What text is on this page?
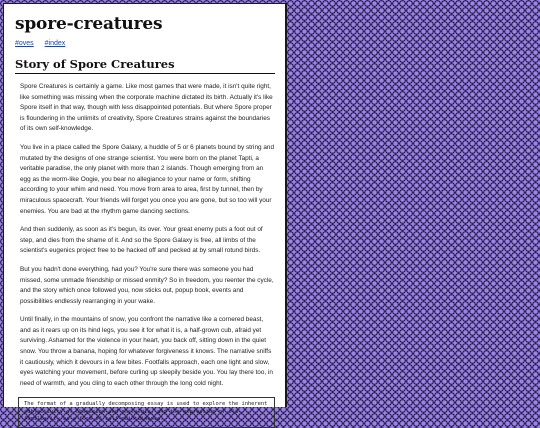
spore-creatures
#oves #index
Story of Spore Creatures

Spore Creatures is certainly a game. Like most games that were made, it isn't quite right, like something was missing when the corporate machine dictated its birth. Actually it's like Spore itself in that way, though with less disappointed potentials. But where Spore proper is floundering in the unlimits of creativity, Spore Creatures strains against the boundaries of its own self-knowledge.

You live in a place called the Spore Galaxy, a huddle of 5 or 6 planets bound by string and mutated by the designs of one strange scientist. You were born on the planet Tapti, a veritable paradise, the only planet with more than 2 islands. Though emerging from an egg as the worm-like Oogie, you bear no allegiance to your name or form, shifting according to your whim and need. You move from area to area, first by tunnel, then by miraculous spacecraft. Your friends will forget you once you are gone, but so too will your enemies. You are bad at the rhythm game dancing sections.

And then suddenly, as soon as it's begun, its over. Your great enemy puts a foot out of step, and dies from the shame of it. And so the Spore Galaxy is free, all limbs of the scientist's eugenics project free to be hacked off and pecked at by small rotund birds.

But you hadn't done everything, had you? You're sure there was someone you had missed, some unmade friendship or missed enmity? So in freedom, you reenter the cycle, and the story which once followed you, now sticks out, popup book, events and possibilities endlessly rearranging in your wake.

Until finally, in the mountains of snow, you confront the narrative like a cornered beast, and as it rears up on its hind legs, you see it for what it is, a half-grown cub, afraid yet surviving. Ashamed for the violence in your heart, you back off, sitting down in the quiet snow. You throw a banana, hoping for whatever forgiveness it knows. The narrative sniffs it cautiously, which it devours in a few bites. Footfalls approach, each one light and slow, eyes watching your movement, before curling up sleepily beside you. You lay there too, in need of warmth, and you cling to each other through the long cold night.

The format of a gradually decomposing essay is used to explore the inherent subjectivity of obsession and nostalgia, and the expression of old familiarity as a form of self-maintainance.
